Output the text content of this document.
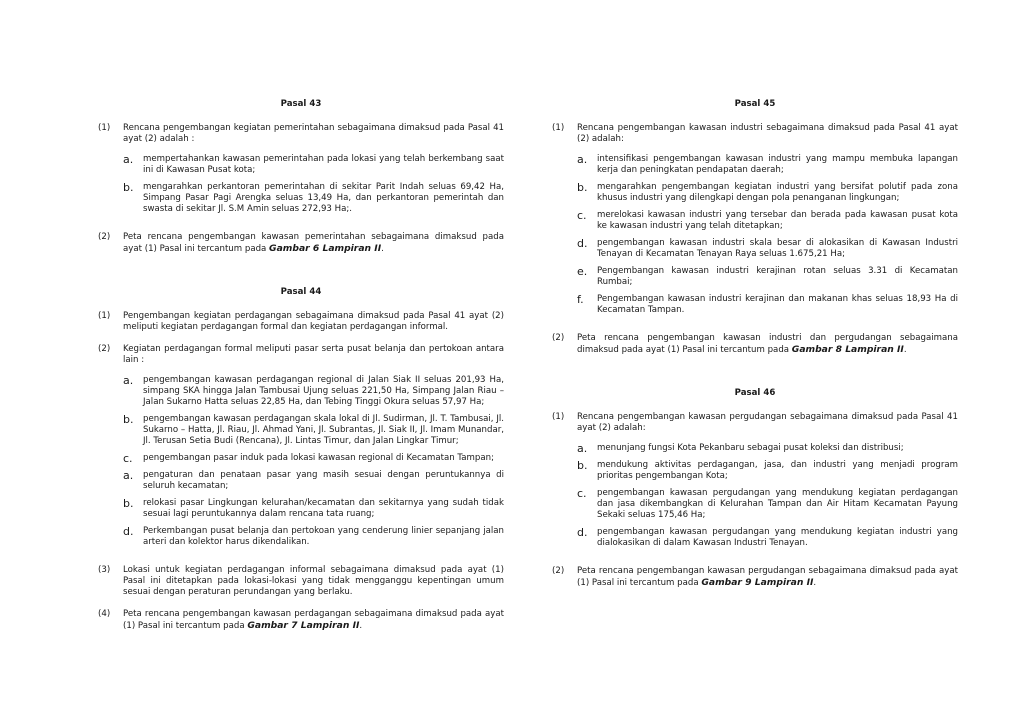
Pasal 43
(1)	Rencana pengembangan kegiatan pemerintahan sebagaimana dimaksud pada Pasal 41 ayat (2) adalah :
a.	mempertahankan kawasan pemerintahan pada lokasi yang telah berkembang saat ini di Kawasan Pusat kota;
b.	mengarahkan perkantoran pemerintahan di sekitar Parit Indah seluas 69,42 Ha, Simpang Pasar Pagi Arengka seluas 13,49 Ha, dan perkantoran pemerintah dan swasta di sekitar Jl. S.M Amin seluas 272,93 Ha;.
(2)	Peta rencana pengembangan kawasan pemerintahan sebagaimana dimaksud pada ayat (1) Pasal ini tercantum pada Gambar 6 Lampiran II.
Pasal 44
(1)	Pengembangan kegiatan perdagangan sebagaimana dimaksud pada Pasal 41 ayat (2) meliputi kegiatan perdagangan formal dan kegiatan perdagangan informal.
(2)	Kegiatan perdagangan formal meliputi pasar serta pusat belanja dan pertokoan antara lain :
a.	pengembangan kawasan perdagangan regional di Jalan Siak II seluas 201,93 Ha, simpang SKA hingga Jalan Tambusai Ujung seluas 221,50 Ha, Simpang Jalan Riau – Jalan Sukarno Hatta seluas 22,85 Ha, dan Tebing Tinggi Okura seluas 57,97 Ha;
b.	pengembangan kawasan perdagangan skala lokal di Jl. Sudirman, Jl. T. Tambusai, Jl. Sukarno – Hatta, Jl. Riau, Jl. Ahmad Yani, Jl. Subrantas, Jl. Siak II, Jl. Imam Munandar, Jl. Terusan Setia Budi (Rencana), Jl. Lintas Timur, dan Jalan Lingkar Timur;
c.	pengembangan pasar induk pada lokasi kawasan regional di Kecamatan Tampan;
a.	pengaturan dan penataan pasar yang masih sesuai dengan peruntukannya di seluruh kecamatan;
b.	relokasi pasar Lingkungan kelurahan/kecamatan dan sekitarnya yang sudah tidak sesuai lagi peruntukannya dalam rencana tata ruang;
d.	Perkembangan pusat belanja dan pertokoan yang cenderung linier sepanjang jalan arteri dan kolektor harus dikendalikan.
(3)	Lokasi untuk kegiatan perdagangan informal sebagaimana dimaksud pada ayat (1) Pasal ini ditetapkan pada lokasi-lokasi yang tidak mengganggu kepentingan umum sesuai dengan peraturan perundangan yang berlaku.
(4)	Peta rencana pengembangan kawasan perdagangan sebagaimana dimaksud pada ayat (1) Pasal ini tercantum pada Gambar 7 Lampiran II.
Pasal 45
(1)	Rencana pengembangan kawasan industri sebagaimana dimaksud pada Pasal 41 ayat (2) adalah:
a.	intensifikasi pengembangan kawasan industri yang mampu membuka lapangan kerja dan peningkatan pendapatan daerah;
b.	mengarahkan pengembangan kegiatan industri yang bersifat polutif pada zona khusus industri yang dilengkapi dengan pola penanganan lingkungan;
c.	merelokasi kawasan industri yang tersebar dan berada pada kawasan pusat kota ke kawasan industri yang telah ditetapkan;
d.	pengembangan kawasan industri skala besar di alokasikan di Kawasan Industri Tenayan di Kecamatan Tenayan Raya seluas 1.675,21 Ha;
e.	Pengembangan kawasan industri kerajinan rotan seluas 3.31 di Kecamatan Rumbai;
f.	Pengembangan kawasan industri kerajinan dan makanan khas seluas 18,93 Ha di Kecamatan Tampan.
(2)	Peta rencana pengembangan kawasan industri dan pergudangan sebagaimana dimaksud pada ayat (1) Pasal ini tercantum pada Gambar 8 Lampiran II.
Pasal 46
(1)	Rencana pengembangan kawasan pergudangan sebagaimana dimaksud pada Pasal 41 ayat (2) adalah:
a.	menunjang fungsi Kota Pekanbaru sebagai pusat koleksi dan distribusi;
b.	mendukung aktivitas perdagangan, jasa, dan industri yang menjadi program prioritas pengembangan Kota;
c.	pengembangan kawasan pergudangan yang mendukung kegiatan perdagangan dan jasa dikembangkan di Kelurahan Tampan dan Air Hitam Kecamatan Payung Sekaki seluas 175,46 Ha;
d.	pengembangan kawasan pergudangan yang mendukung kegiatan industri yang dialokasikan di dalam Kawasan Industri Tenayan.
(2)	Peta rencana pengembangan kawasan pergudangan sebagaimana dimaksud pada ayat (1) Pasal ini tercantum pada Gambar 9 Lampiran II.
